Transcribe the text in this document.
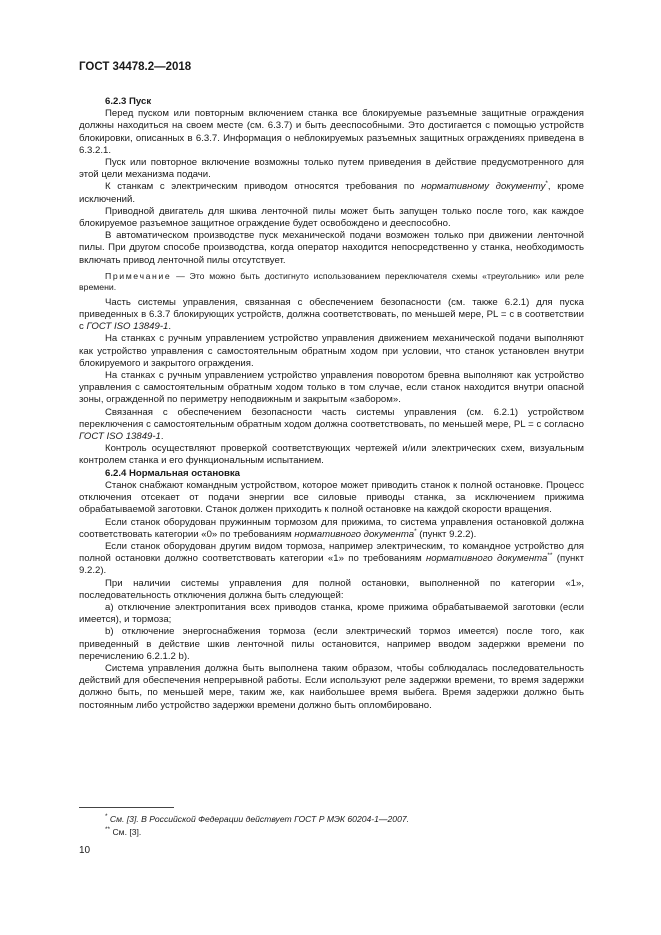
ГОСТ 34478.2—2018

6.2.3 Пуск

Перед пуском или повторным включением станка все блокируемые разъемные защитные ограждения должны находиться на своем месте (см. 6.3.7) и быть дееспособными. Это достигается с помощью устройств блокировки, описанных в 6.3.7. Информация о неблокируемых разъемных защитных ограждениях приведена в 6.3.2.1.

Пуск или повторное включение возможны только путем приведения в действие предусмотренного для этой цели механизма подачи.

К станкам с электрическим приводом относятся требования по нормативному документу*, кроме исключений.

Приводной двигатель для шкива ленточной пилы может быть запущен только после того, как каждое блокируемое разъемное защитное ограждение будет освобождено и дееспособно.

В автоматическом производстве пуск механической подачи возможен только при движении ленточной пилы. При другом способе производства, когда оператор находится непосредственно у станка, необходимость включать привод ленточной пилы отсутствует.

Примечание — Это можно быть достигнуто использованием переключателя схемы «треугольник» или реле времени.

Часть системы управления, связанная с обеспечением безопасности (см. также 6.2.1) для пуска приведенных в 6.3.7 блокирующих устройств, должна соответствовать, по меньшей мере, PL = c в соответствии с ГОСТ ISO 13849-1.

На станках с ручным управлением устройство управления движением механической подачи выполняют как устройство управления с самостоятельным обратным ходом при условии, что станок установлен внутри блокируемого и закрытого ограждения.

На станках с ручным управлением устройство управления поворотом бревна выполняют как устройство управления с самостоятельным обратным ходом только в том случае, если станок находится внутри опасной зоны, огражденной по периметру неподвижным и закрытым «забором».

Связанная с обеспечением безопасности часть системы управления (см. 6.2.1) устройством переключения с самостоятельным обратным ходом должна соответствовать, по меньшей мере, PL = c согласно ГОСТ ISO 13849-1.

Контроль осуществляют проверкой соответствующих чертежей и/или электрических схем, визуальным контролем станка и его функциональным испытанием.

6.2.4 Нормальная остановка

Станок снабжают командным устройством, которое может приводить станок к полной остановке. Процесс отключения отсекает от подачи энергии все силовые приводы станка, за исключением прижима обрабатываемой заготовки. Станок должен приходить к полной остановке на каждой скорости вращения.

Если станок оборудован пружинным тормозом для прижима, то система управления остановкой должна соответствовать категории «0» по требованиям нормативного документа* (пункт 9.2.2).

Если станок оборудован другим видом тормоза, например электрическим, то командное устройство для полной остановки должно соответствовать категории «1» по требованиям нормативного документа** (пункт 9.2.2).

При наличии системы управления для полной остановки, выполненной по категории «1», последовательность отключения должна быть следующей:

a) отключение электропитания всех приводов станка, кроме прижима обрабатываемой заготовки (если имеется), и тормоза;

b) отключение энергоснабжения тормоза (если электрический тормоз имеется) после того, как приведенный в действие шкив ленточной пилы остановится, например вводом задержки времени по перечислению 6.2.1.2 b).

Система управления должна быть выполнена таким образом, чтобы соблюдалась последовательность действий для обеспечения непрерывной работы. Если используют реле задержки времени, то время задержки должно быть, по меньшей мере, таким же, как наибольшее время выбега. Время задержки должно быть постоянным либо устройство задержки времени должно быть опломбировано.

* См. [3]. В Российской Федерации действует ГОСТ Р МЭК 60204-1—2007.

** См. [3].

10
